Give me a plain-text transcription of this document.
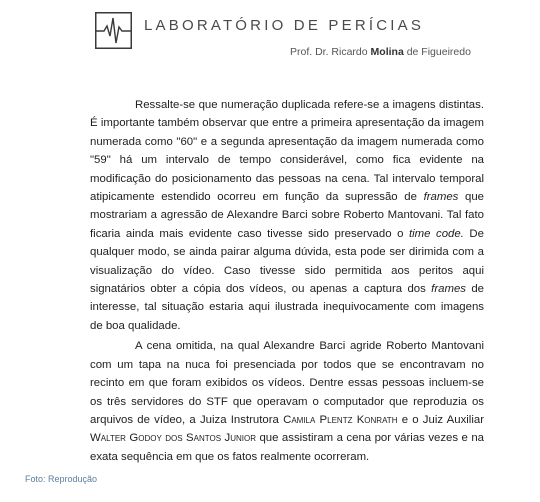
LABORATÓRIO DE PERÍCIAS
Prof. Dr. Ricardo Molina de Figueiredo

Ressalte-se que numeração duplicada refere-se a imagens distintas. É importante também observar que entre a primeira apresentação da imagem numerada como "60" e a segunda apresentação da imagem numerada como "59" há um intervalo de tempo considerável, como fica evidente na modificação do posicionamento das pessoas na cena. Tal intervalo temporal atipicamente estendido ocorreu em função da supressão de frames que mostrariam a agressão de Alexandre Barci sobre Roberto Mantovani. Tal fato ficaria ainda mais evidente caso tivesse sido preservado o time code. De qualquer modo, se ainda pairar alguma dúvida, esta pode ser dirimida com a visualização do vídeo. Caso tivesse sido permitida aos peritos aqui signatários obter a cópia dos vídeos, ou apenas a captura dos frames de interesse, tal situação estaria aqui ilustrada inequivocamente com imagens de boa qualidade.

A cena omitida, na qual Alexandre Barci agride Roberto Mantovani com um tapa na nuca foi presenciada por todos que se encontravam no recinto em que foram exibidos os vídeos. Dentre essas pessoas incluem-se os três servidores do STF que operavam o computador que reproduzia os arquivos de vídeo, a Juiza Instrutora Camila Plentz Konrath e o Juiz Auxiliar Walter Godoy dos Santos Junior que assistiram a cena por várias vezes e na exata sequência em que os fatos realmente ocorreram.

Foto: Reprodução
